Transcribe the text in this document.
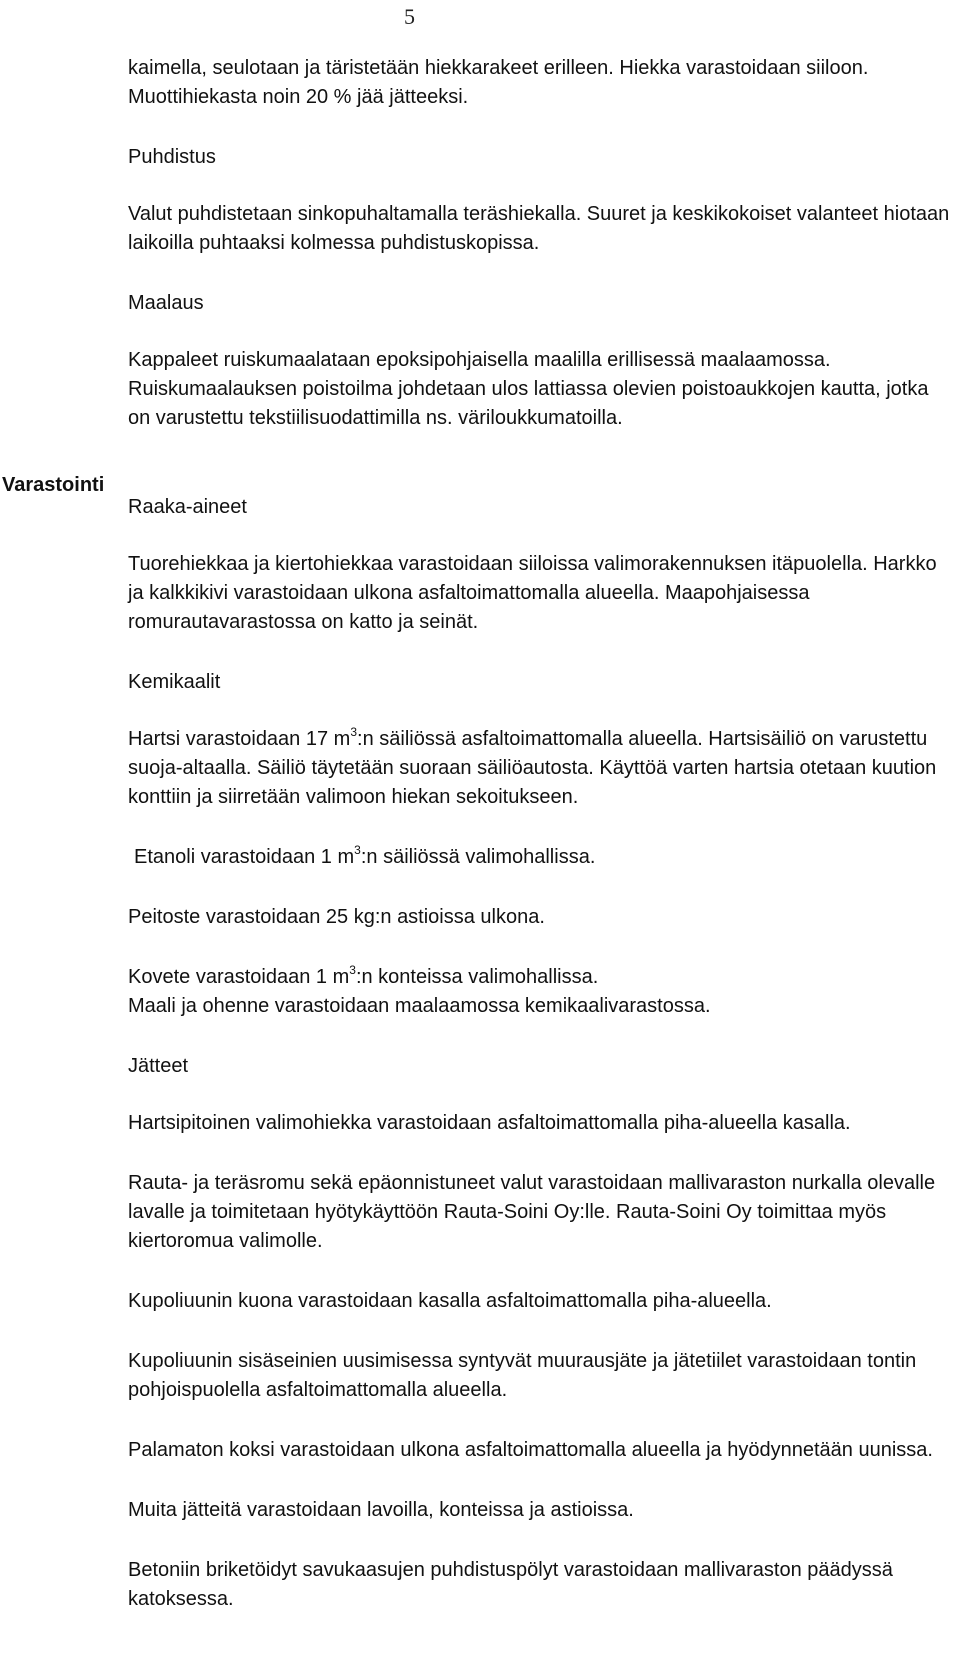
5
Varastointi

kaimella, seulotaan ja täristetään hiekkarakeet erilleen. Hiekka varastoidaan siiloon. Muottihiekasta noin 20 % jää jätteeksi.

Puhdistus

Valut puhdistetaan sinkopuhaltamalla teräshiekalla. Suuret ja keskikokoiset valanteet hiotaan laikoilla puhtaaksi kolmessa puhdistuskopissa.

Maalaus

Kappaleet ruiskumaalataan epoksipohjaisella maalilla erillisessä maalaamossa. Ruiskumaalauksen poistoilma johdetaan ulos lattiassa olevien poistoaukkojen kautta, jotka on varustettu tekstiilisuodattimilla ns. väriloukkumatoilla.

Raaka-aineet

Tuorehiekkaa ja kiertohiekkaa varastoidaan siiloissa valimorakennuksen itäpuolella. Harkko ja kalkkikivi varastoidaan ulkona asfaltoimattomalla alueella. Maapohjaisessa romurautavarastossa on katto ja seinät.

Kemikaalit

Hartsi varastoidaan 17 $m^3:n$ säiliössä asfaltoimattomalla alueella. Hartsisäiliö on varustettu suoja-altaalla. Säiliö täytetään suoraan säiliöautosta. Käyttöä varten hartsia otetaan kuution konttiin ja siirretään valimoon hiekan sekoitukseen.

Etanoli varastoidaan 1 $m^3:n$ säiliössä valimohallissa.

Peitoste varastoidaan 25 kg:n astioissa ulkona.

Kovete varastoidaan 1 $m^3:n$ konteissa valimohallissa.

Maali ja ohenne varastoidaan maalaamossa kemikaalivarastossa.

Jätteet

Hartsipitoinen valimohiekka varastoidaan asfaltoimattomalla piha-alueella kasalla.

Rauta- ja teräsromu sekä epäonnistuneet valut varastoidaan mallivaraston nurkalla olevalle lavalle ja toimitetaan hyötykäyttöön Rauta-Soini Oy:lle. Rauta-Soini Oy toimittaa myös kiertoromua valimolle.

Kupoliuunin kuona varastoidaan kasalla asfaltoimattomalla piha-alueella.

Kupoliuunin sisäseinien uusimisessa syntyvät muurausjäte ja jätetiilet varastoidaan tontin pohjoispuolella asfaltoimattomalla alueella.

Palamaton koksi varastoidaan ulkona asfaltoimattomalla alueella ja hyödynnetään uunissa.

Muita jätteitä varastoidaan lavoilla, konteissa ja astioissa.

Betoniin briketöidyt savukaasujen puhdistuspölyt varastoidaan mallivaraston päädyssä katoksessa.
